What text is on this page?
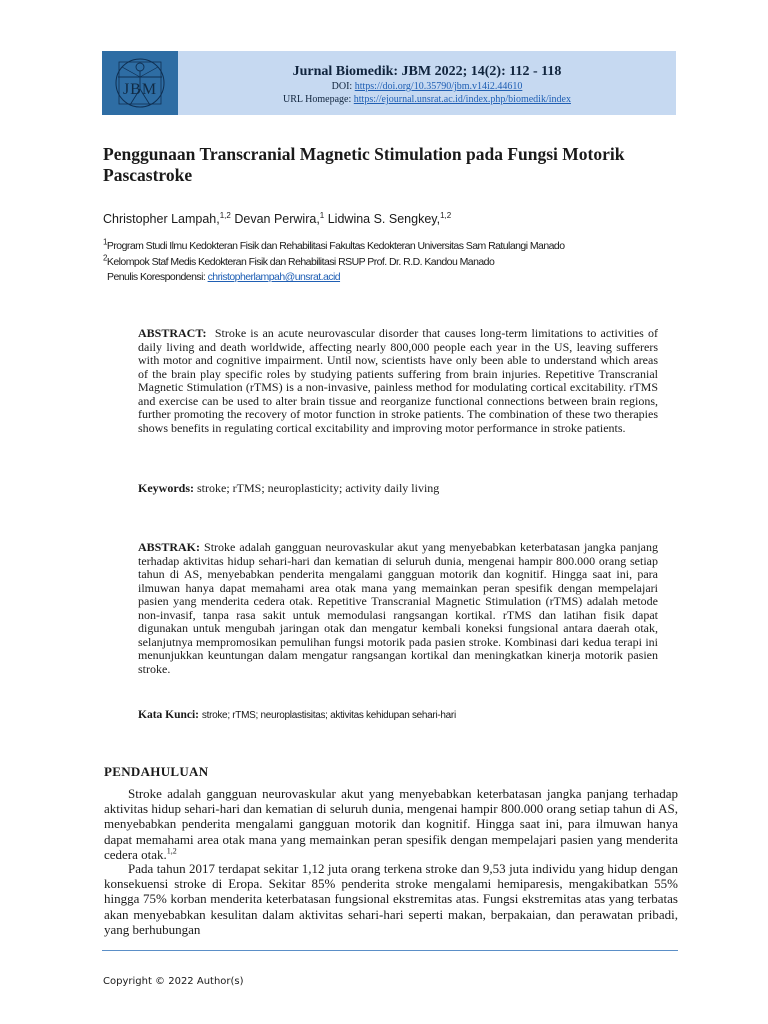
JBM
Jurnal Biomedik: JBM 2022; 14(2): 112 - 118
DOI: https://doi.org/10.35790/jbm.v14i2.44610
URL Homepage: https://ejournal.unsrat.ac.id/index.php/biomedik/index
Penggunaan Transcranial Magnetic Stimulation pada Fungsi Motorik Pascastroke
Christopher Lampah,$^{1,2}$ Devan Perwira,$^1$ Lidwina S. Sengkey,$^{1,2}$
$^1$Program Studi Ilmu Kedokteran Fisik dan Rehabilitasi Fakultas Kedokteran Universitas Sam Ratulangi Manado
$^2$Kelompok Staf Medis Kedokteran Fisik dan Rehabilitasi RSUP Prof. Dr. R.D. Kandou Manado
Penulis Korespondensi: christopherlampah@unsrat.acid

ABSTRACT: Stroke is an acute neurovascular disorder that causes long-term limitations to activities of daily living and death worldwide, affecting nearly 800,000 people each year in the US, leaving sufferers with motor and cognitive impairment. Until now, scientists have only been able to understand which areas of the brain play specific roles by studying patients suffering from brain injuries. Repetitive Transcranial Magnetic Stimulation (rTMS) is a non-invasive, painless method for modulating cortical excitability. rTMS and exercise can be used to alter brain tissue and reorganize functional connections between brain regions, further promoting the recovery of motor function in stroke patients. The combination of these two therapies shows benefits in regulating cortical excitability and improving motor performance in stroke patients.

Keywords: stroke; rTMS; neuroplasticity; activity daily living

ABSTRAK: Stroke adalah gangguan neurovaskular akut yang menyebabkan keterbatasan jangka panjang terhadap aktivitas hidup sehari-hari dan kematian di seluruh dunia, mengenai hampir 800.000 orang setiap tahun di AS, menyebabkan penderita mengalami gangguan motorik dan kognitif. Hingga saat ini, para ilmuwan hanya dapat memahami area otak mana yang memainkan peran spesifik dengan mempelajari pasien yang menderita cedera otak. Repetitive Transcranial Magnetic Stimulation (rTMS) adalah metode non-invasif, tanpa rasa sakit untuk memodulasi rangsangan kortikal. rTMS dan latihan fisik dapat digunakan untuk mengubah jaringan otak dan mengatur kembali koneksi fungsional antara daerah otak, selanjutnya mempromosikan pemulihan fungsi motorik pada pasien stroke. Kombinasi dari kedua terapi ini menunjukkan keuntungan dalam mengatur rangsangan kortikal dan meningkatkan kinerja motorik pasien stroke.

Kata Kunci: stroke; rTMS; neuroplastisitas; aktivitas kehidupan sehari-hari
PENDAHULUAN

Stroke adalah gangguan neurovaskular akut yang menyebabkan keterbatasan jangka panjang terhadap aktivitas hidup sehari-hari dan kematian di seluruh dunia, mengenai hampir 800.000 orang setiap tahun di AS, menyebabkan penderita mengalami gangguan motorik dan kognitif. Hingga saat ini, para ilmuwan hanya dapat memahami area otak mana yang memainkan peran spesifik dengan mempelajari pasien yang menderita cedera otak.$^{1,2}$

Pada tahun 2017 terdapat sekitar 1,12 juta orang terkena stroke dan 9,53 juta individu yang hidup dengan konsekuensi stroke di Eropa. Sekitar 85% penderita stroke mengalami hemiparesis, mengakibatkan 55% hingga 75% korban menderita keterbatasan fungsional ekstremitas atas. Fungsi ekstremitas atas yang terbatas akan menyebabkan kesulitan dalam aktivitas sehari-hari seperti makan, berpakaian, dan perawatan pribadi, yang berhubungan

Copyright © 2022 Author(s)
